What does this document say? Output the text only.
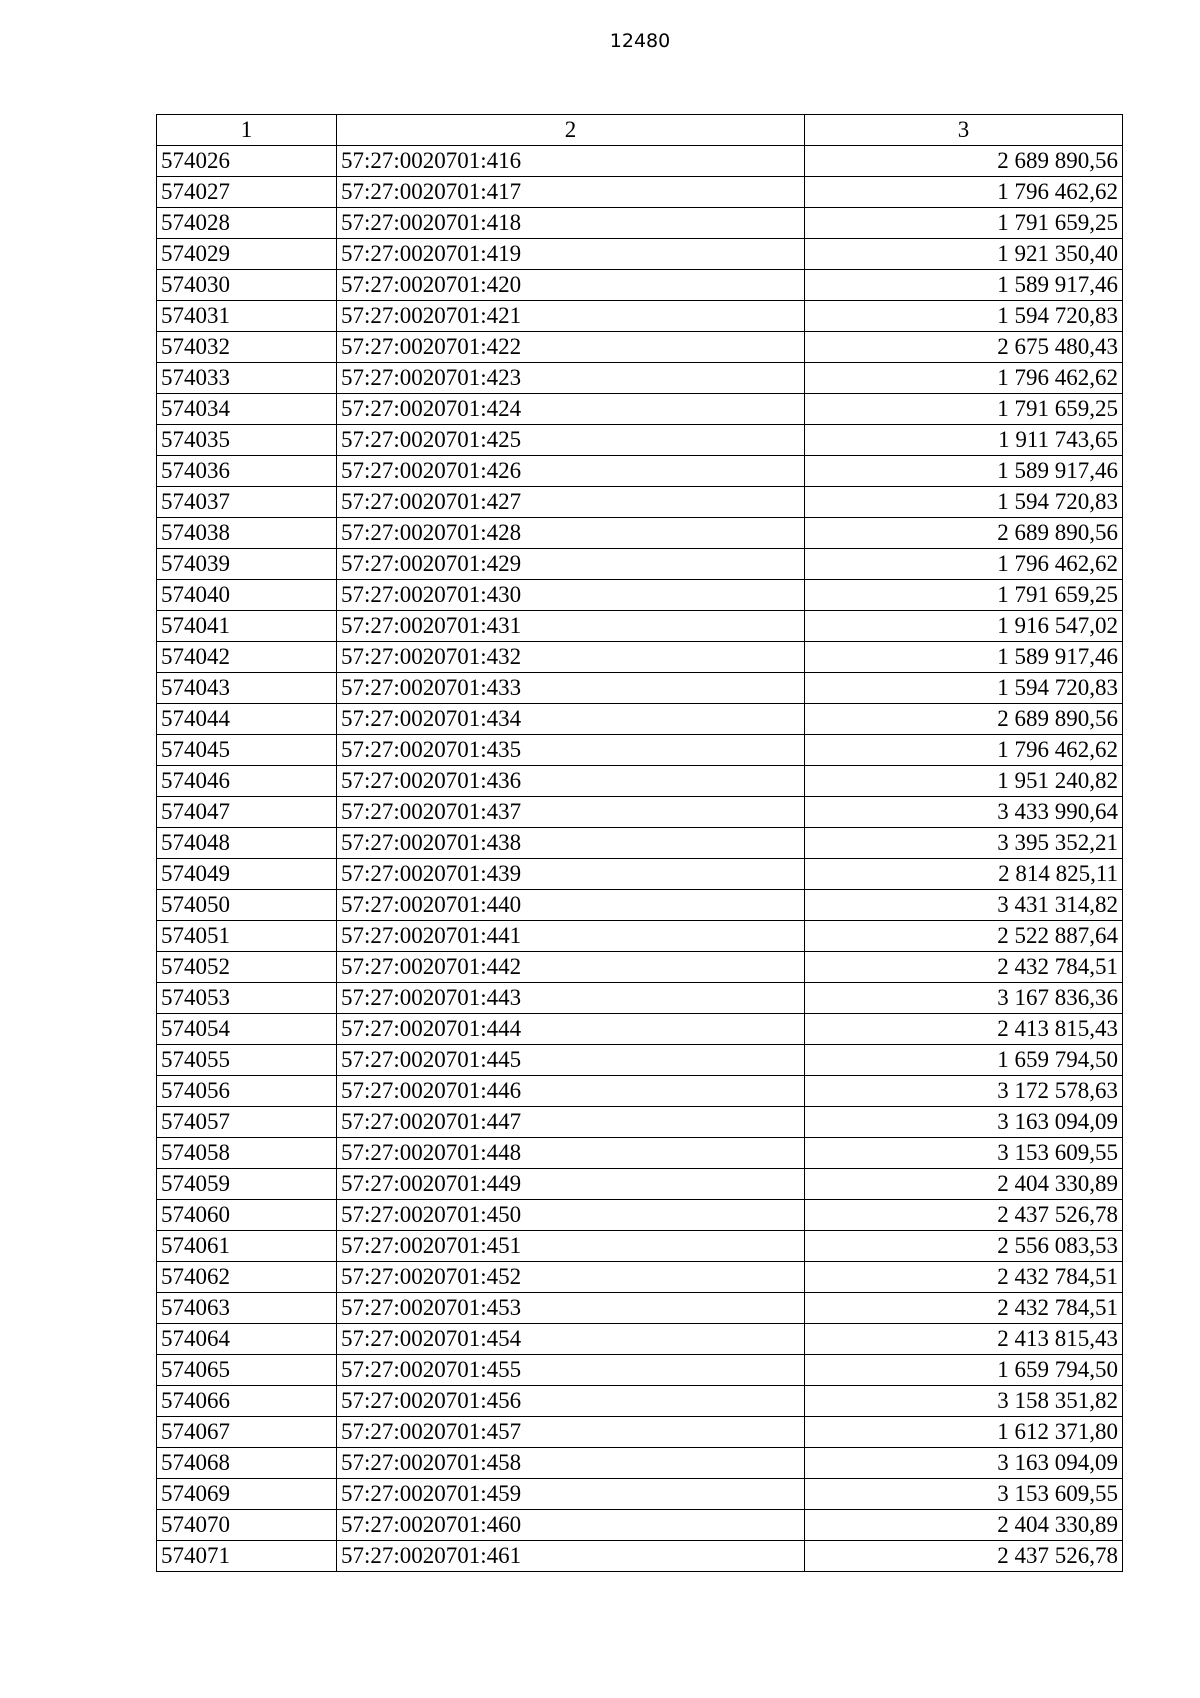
12480
1	2	3
574026	57:27:0020701:416	2 689 890,56
574027	57:27:0020701:417	1 796 462,62
574028	57:27:0020701:418	1 791 659,25
574029	57:27:0020701:419	1 921 350,40
574030	57:27:0020701:420	1 589 917,46
574031	57:27:0020701:421	1 594 720,83
574032	57:27:0020701:422	2 675 480,43
574033	57:27:0020701:423	1 796 462,62
574034	57:27:0020701:424	1 791 659,25
574035	57:27:0020701:425	1 911 743,65
574036	57:27:0020701:426	1 589 917,46
574037	57:27:0020701:427	1 594 720,83
574038	57:27:0020701:428	2 689 890,56
574039	57:27:0020701:429	1 796 462,62
574040	57:27:0020701:430	1 791 659,25
574041	57:27:0020701:431	1 916 547,02
574042	57:27:0020701:432	1 589 917,46
574043	57:27:0020701:433	1 594 720,83
574044	57:27:0020701:434	2 689 890,56
574045	57:27:0020701:435	1 796 462,62
574046	57:27:0020701:436	1 951 240,82
574047	57:27:0020701:437	3 433 990,64
574048	57:27:0020701:438	3 395 352,21
574049	57:27:0020701:439	2 814 825,11
574050	57:27:0020701:440	3 431 314,82
574051	57:27:0020701:441	2 522 887,64
574052	57:27:0020701:442	2 432 784,51
574053	57:27:0020701:443	3 167 836,36
574054	57:27:0020701:444	2 413 815,43
574055	57:27:0020701:445	1 659 794,50
574056	57:27:0020701:446	3 172 578,63
574057	57:27:0020701:447	3 163 094,09
574058	57:27:0020701:448	3 153 609,55
574059	57:27:0020701:449	2 404 330,89
574060	57:27:0020701:450	2 437 526,78
574061	57:27:0020701:451	2 556 083,53
574062	57:27:0020701:452	2 432 784,51
574063	57:27:0020701:453	2 432 784,51
574064	57:27:0020701:454	2 413 815,43
574065	57:27:0020701:455	1 659 794,50
574066	57:27:0020701:456	3 158 351,82
574067	57:27:0020701:457	1 612 371,80
574068	57:27:0020701:458	3 163 094,09
574069	57:27:0020701:459	3 153 609,55
574070	57:27:0020701:460	2 404 330,89
574071	57:27:0020701:461	2 437 526,78
